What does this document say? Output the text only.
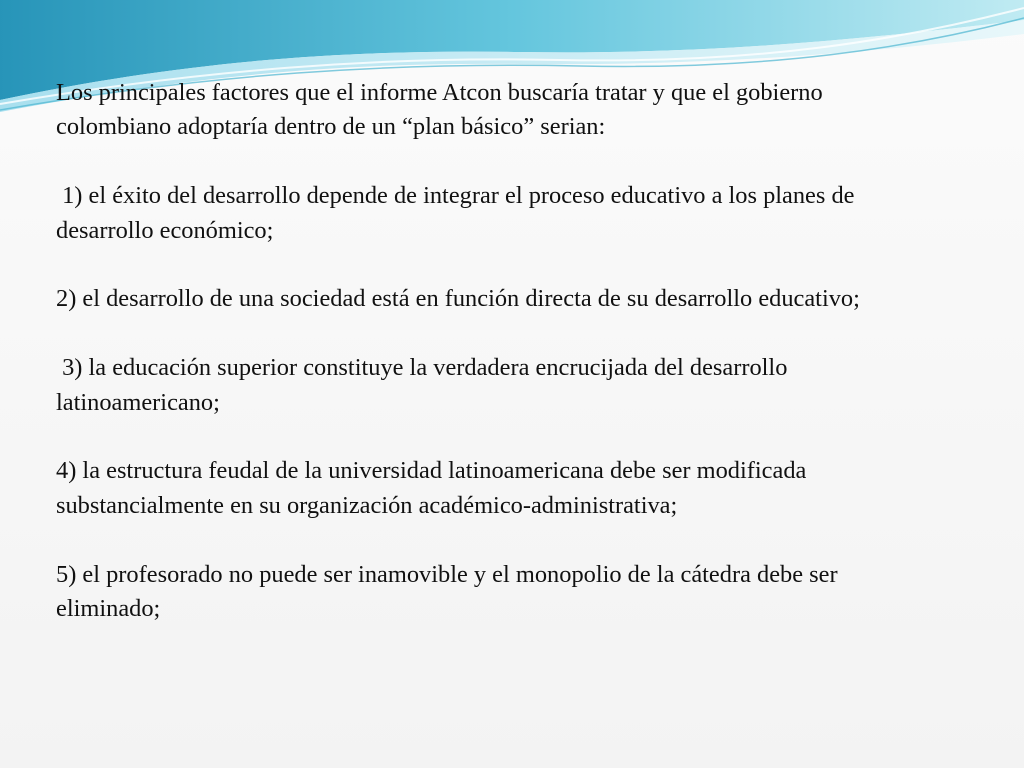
Los principales factores que el informe Atcon buscaría tratar y que el gobierno colombiano adoptaría dentro de un “plan básico” serian:

1) el éxito del desarrollo depende de integrar el proceso educativo a los planes de desarrollo económico;

2) el desarrollo de una sociedad está en función directa de su desarrollo educativo;

3) la educación superior constituye la verdadera encrucijada del desarrollo latinoamericano;

4) la estructura feudal de la universidad latinoamericana debe ser modificada substancialmente en su organización académico-administrativa;

5) el profesorado no puede ser inamovible y el monopolio de la cátedra debe ser eliminado;
